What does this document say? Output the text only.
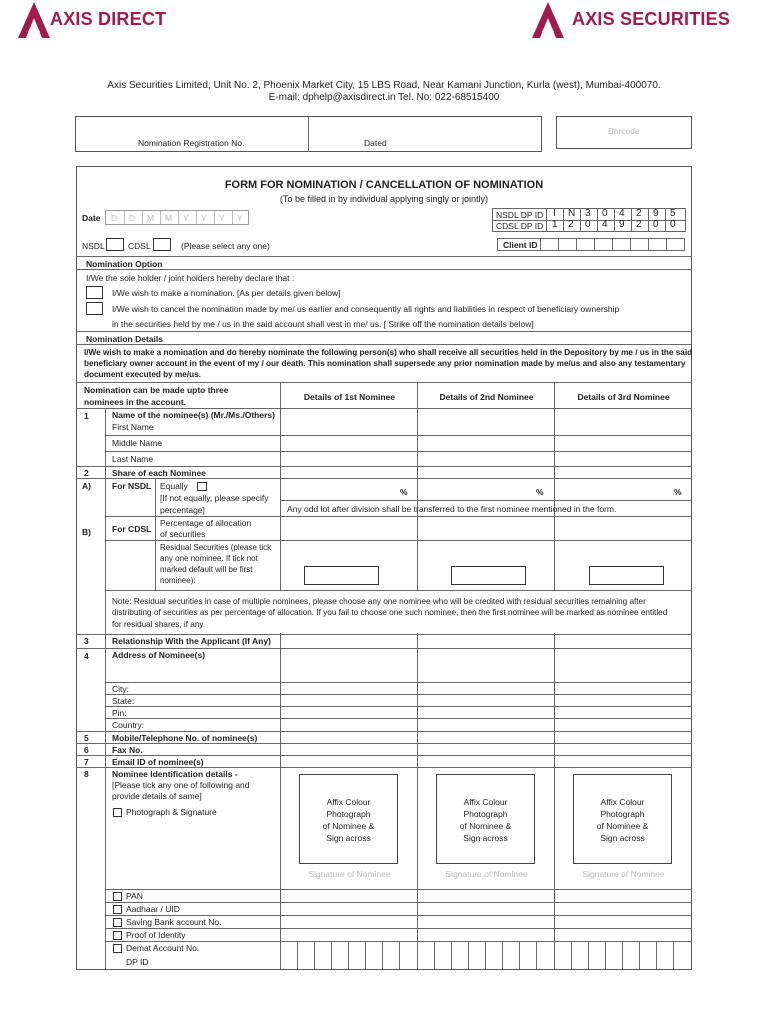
AXIS DIRECT	AXIS SECURITIES
Axis Securities Limited, Unit No. 2, Phoenix Market City, 15 LBS Road, Near Kamani Junction, Kurla (west), Mumbai-400070.
E-mail: dphelp@axisdirect.in Tel. No: 022-68515400
Nomination Registration No.	Dated
Barcode
FORM FOR NOMINATION / CANCELLATION OF NOMINATION
(To be filled in by individual applying singly or jointly)
Date D D M M Y Y Y Y	NSDL DP ID
CDSL DP ID
I N 3 0 4 2 9 5
1 2 0 4 9 2 0 0
NSDL	CDSL	(Please select any one)	Client ID
Nomination Option
I/We the sole holder / joint holders hereby declare that :
I/We wish to make a nomination. [As per details given below]
I/We wish to cancel the nomination made by me/ us earlier and consequently all rights and liabilities in respect of beneficiary ownership
in the securities held by me / us in the said account shall vest in me/ us. [ Strike off the nomination details below]
Nomination Details
I/We wish to make a nomination and do hereby nominate the following person(s) who shall receive all securities held in the Depository by me / us in the said
beneficiary owner account in the event of my / our death. This nomination shall supersede any prior nomination made by me/us and also any testamentary
document executed by me/us.
Nomination can be made upto three
nominees in the account.	Details of 1st Nominee	Details of 2nd Nominee	Details of 3rd Nominee
1	Name of the nominee(s) (Mr./Ms./Others)
First Name
Middle Name
Last Name
2	Share of each Nominee
A) For NSDL Equally
[If not equally, please specify
percentage]
%	%	%
Any odd lot after division shall be transferred to the first nominee mentioned in the form.
B) For CDSL
Percentage of allocation
of securities
Residual Securities (please tick
any one nominee. If tick not
marked default will be first
nominee):
Note: Residual securities in case of multiple nominees, please choose any one nominee who will be credited with residual securities remaining after
distributing of securities as per percentage of allocation. If you fail to choose one such nominee, then the first nominee will be marked as nominee entitled
for residual shares, if any.
3	Relationship With the Applicant (If Any)
4	Address of Nominee(s)
City:
State:
Pin:
Country:
5	Mobile/Telephone No. of nominee(s)
6	Fax No.
7	Email ID of nominee(s)
8	Nominee Identification details -
[Please tick any one of following and
provide details of same]
Photograph & Signature
Affix Colour
Photograph
of Nominee &
Sign across
Signature of Nominee
Affix Colour
Photograph
of Nominee &
Sign across
Signature of Nominee
Affix Colour
Photograph
of Nominee &
Sign across
Signature of Nominee
PAN
Aadhaar / UID
Saving Bank account No.
Proof of Identity
Demat Account No.
DP ID
